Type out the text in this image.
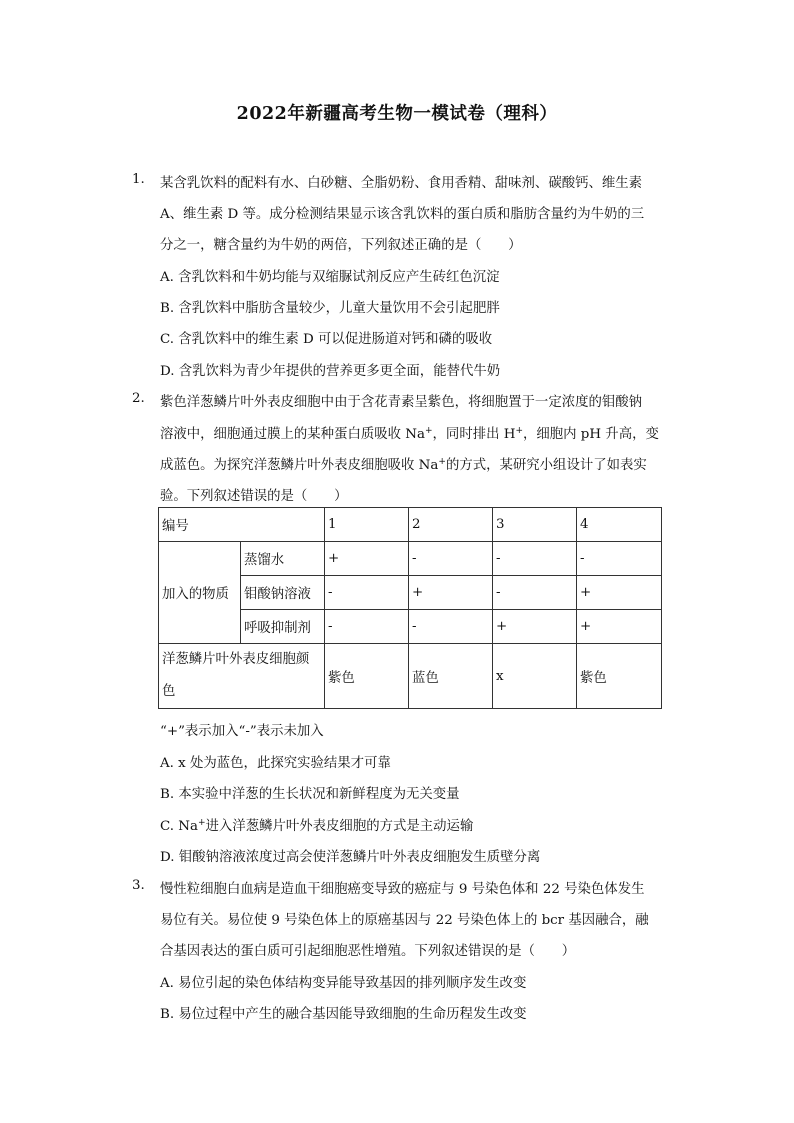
2022年新疆高考生物一模试卷（理科）
1.	某含乳饮料的配料有水、白砂糖、全脂奶粉、食用香精、甜味剂、碳酸钙、维生素
A、维生素 D 等。成分检测结果显示该含乳饮料的蛋白质和脂肪含量约为牛奶的三
分之一，糖含量约为牛奶的两倍，下列叙述正确的是（　　）
A. 含乳饮料和牛奶均能与双缩脲试剂反应产生砖红色沉淀
B. 含乳饮料中脂肪含量较少，儿童大量饮用不会引起肥胖
C. 含乳饮料中的维生素 D 可以促进肠道对钙和磷的吸收
D. 含乳饮料为青少年提供的营养更多更全面，能替代牛奶
2.	紫色洋葱鳞片叶外表皮细胞中由于含花青素呈紫色，将细胞置于一定浓度的钼酸钠
溶液中，细胞通过膜上的某种蛋白质吸收 Na+，同时排出 H+，细胞内 pH 升高，变
成蓝色。为探究洋葱鳞片叶外表皮细胞吸收 Na+的方式，某研究小组设计了如表实
验。下列叙述错误的是（　　）
编号		1	2	3	4
加入的物质	蒸馏水	+	-	-	-
	钼酸钠溶液	-	+	-	+
	呼吸抑制剂	-	-	+	+
洋葱鳞片叶外表皮细胞颜色		紫色	蓝色	x	紫色
“+”表示加入“-”表示未加入
A. x 处为蓝色，此探究实验结果才可靠
B. 本实验中洋葱的生长状况和新鲜程度为无关变量
C. Na+进入洋葱鳞片叶外表皮细胞的方式是主动运输
D. 钼酸钠溶液浓度过高会使洋葱鳞片叶外表皮细胞发生质壁分离
3.	慢性粒细胞白血病是造血干细胞癌变导致的癌症与 9 号染色体和 22 号染色体发生
易位有关。易位使 9 号染色体上的原癌基因与 22 号染色体上的 bcr 基因融合，融
合基因表达的蛋白质可引起细胞恶性增殖。下列叙述错误的是（　　）
A. 易位引起的染色体结构变异能导致基因的排列顺序发生改变
B. 易位过程中产生的融合基因能导致细胞的生命历程发生改变
